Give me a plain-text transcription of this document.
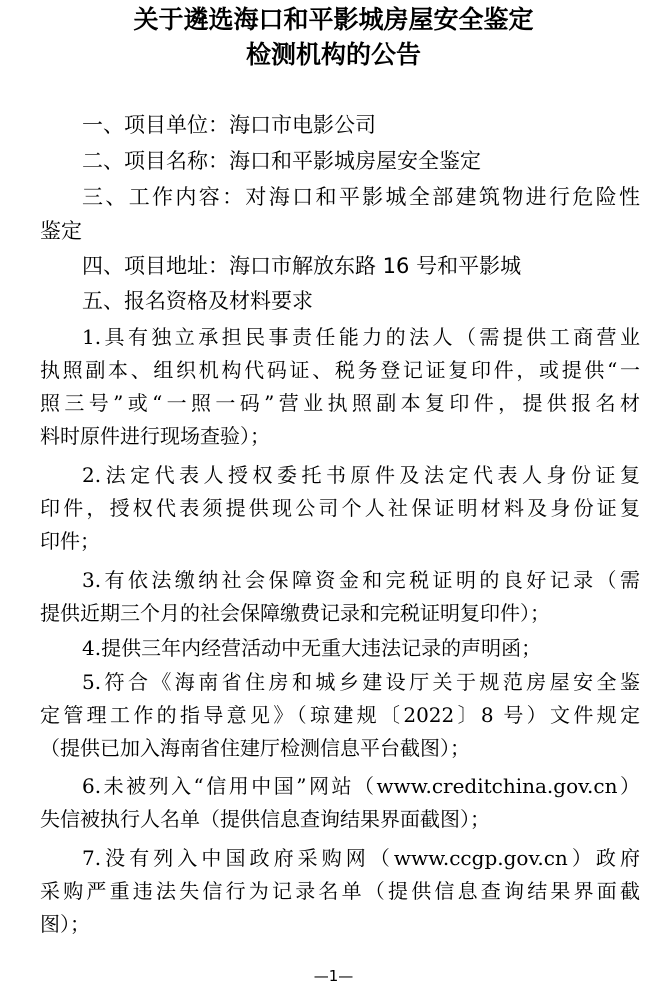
关于遴选海口和平影城房屋安全鉴定
检测机构的公告

一、项目单位：海口市电影公司

二、项目名称：海口和平影城房屋安全鉴定

三、工作内容：对海口和平影城全部建筑物进行危险性

鉴定

四、项目地址：海口市解放东路 16 号和平影城

五、报名资格及材料要求

1.具有独立承担民事责任能力的法人（需提供工商营业

执照副本、组织机构代码证、税务登记证复印件，或提供“一

照三号”或“一照一码”营业执照副本复印件，提供报名材

料时原件进行现场查验）；

2.法定代表人授权委托书原件及法定代表人身份证复

印件，授权代表须提供现公司个人社保证明材料及身份证复

印件；

3.有依法缴纳社会保障资金和完税证明的良好记录（需

提供近期三个月的社会保障缴费记录和完税证明复印件）；

4.提供三年内经营活动中无重大违法记录的声明函；

5.符合《海南省住房和城乡建设厅关于规范房屋安全鉴

定管理工作的指导意见》（琼建规〔2022〕8 号）文件规定

（提供已加入海南省住建厅检测信息平台截图）；

6.未被列入“信用中国”网站（www.creditchina.gov.cn）

失信被执行人名单（提供信息查询结果界面截图）；

7.没有列入中国政府采购网（www.ccgp.gov.cn）政府

采购严重违法失信行为记录名单（提供信息查询结果界面截

图）；

—1—
